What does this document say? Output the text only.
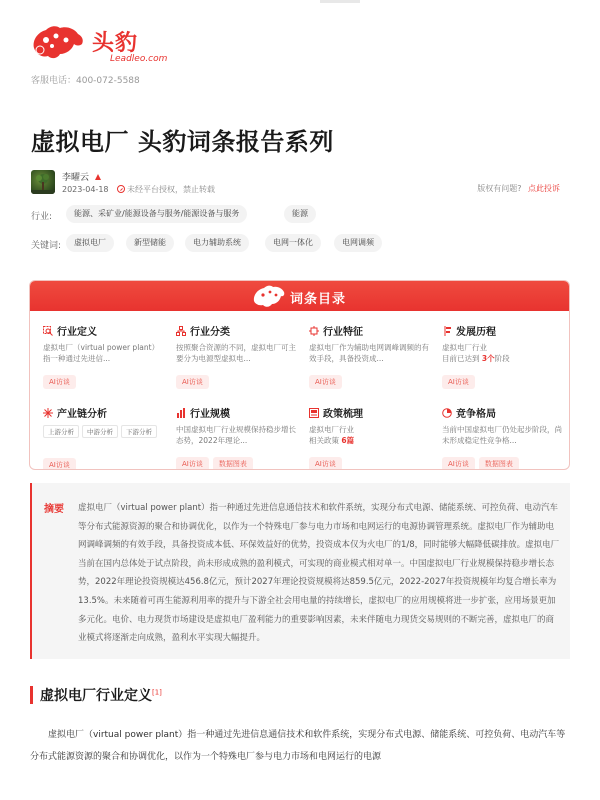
头豹
Leadleo.com
客服电话：400-072-5588
虚拟电厂 头豹词条报告系列
李曜云
2023-04-18 未经平台授权，禁止转载	版权有问题? 点此投诉
行业:	能源、采矿业/能源设备与服务/能源设备与服务	能源
关键词:	虚拟电厂	新型储能	电力辅助系统	电网一体化	电网调频
词条目录
行业定义
虚拟电厂（virtual power plant）指一种通过先进信...
AI访谈
行业分类
按照聚合资源的不同，虚拟电厂可主要分为电源型虚拟电...
AI访谈
行业特征
虚拟电厂作为辅助电网调峰调频的有效手段，具备投资成...
AI访谈
发展历程
虚拟电厂行业
目前已达到 3个阶段
AI访谈
产业链分析
上游分析 中游分析 下游分析
AI访谈
行业规模
中国虚拟电厂行业规模保持稳步增长态势，2022年理论...
AI访谈 数据图表
政策梳理
虚拟电厂行业
相关政策 6篇
AI访谈
竞争格局
当前中国虚拟电厂仍处起步阶段，尚未形成稳定性竞争格...
AI访谈 数据图表
摘要 虚拟电厂（virtual power plant）指一种通过先进信息通信技术和软件系统，实现分布式电源、储能系统、可控负荷、电动汽车等分布式能源资源的聚合和协调优化，以作为一个特殊电厂参与电力市场和电网运行的电源协调管理系统。虚拟电厂作为辅助电网调峰调频的有效手段，具备投资成本低、环保效益好的优势，投资成本仅为火电厂的1/8，同时能够大幅降低碳排放。虚拟电厂当前在国内总体处于试点阶段，尚未形成成熟的盈利模式，可实现的商业模式相对单一。中国虚拟电厂行业规模保持稳步增长态势，2022年理论投资规模达456.8亿元，预计2027年理论投资规模将达859.5亿元，2022-2027年投资规模年均复合增长率为13.5%。未来随着可再生能源利用率的提升与下游全社会用电量的持续增长，虚拟电厂的应用规模将进一步扩张，应用场景更加多元化。电价、电力现货市场建设是虚拟电厂盈利能力的重要影响因素，未来伴随电力现货交易规则的不断完善，虚拟电厂的商业模式将逐渐走向成熟，盈利水平实现大幅提升。
虚拟电厂行业定义[1]
虚拟电厂（virtual power plant）指一种通过先进信息通信技术和软件系统，实现分布式电源、储能系统、可控负荷、电动汽车等分布式能源资源的聚合和协调优化，以作为一个特殊电厂参与电力市场和电网运行的电源
